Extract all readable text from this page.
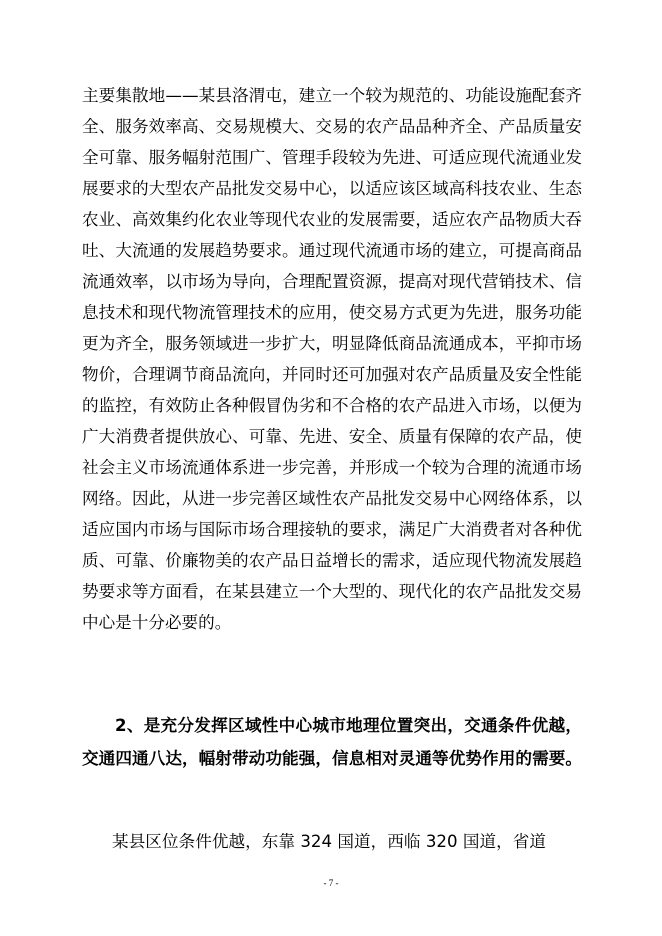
主要集散地——某县洛渭屯，建立一个较为规范的、功能设施配套齐
全、服务效率高、交易规模大、交易的农产品品种齐全、产品质量安
全可靠、服务幅射范围广、管理手段较为先进、可适应现代流通业发
展要求的大型农产品批发交易中心，以适应该区域高科技农业、生态
农业、高效集约化农业等现代农业的发展需要，适应农产品物质大吞
吐、大流通的发展趋势要求。通过现代流通市场的建立，可提高商品
流通效率，以市场为导向，合理配置资源，提高对现代营销技术、信
息技术和现代物流管理技术的应用，使交易方式更为先进，服务功能
更为齐全，服务领域进一步扩大，明显降低商品流通成本，平抑市场
物价，合理调节商品流向，并同时还可加强对农产品质量及安全性能
的监控，有效防止各种假冒伪劣和不合格的农产品进入市场，以便为
广大消费者提供放心、可靠、先进、安全、质量有保障的农产品，使
社会主义市场流通体系进一步完善，并形成一个较为合理的流通市场
网络。因此，从进一步完善区域性农产品批发交易中心网络体系，以
适应国内市场与国际市场合理接轨的要求，满足广大消费者对各种优
质、可靠、价廉物美的农产品日益增长的需求，适应现代物流发展趋
势要求等方面看，在某县建立一个大型的、现代化的农产品批发交易
中心是十分必要的。
2、是充分发挥区域性中心城市地理位置突出，交通条件优越，
交通四通八达，幅射带动功能强，信息相对灵通等优势作用的需要。
某县区位条件优越，东靠 324 国道，西临 320 国道，省道
- 7 -
